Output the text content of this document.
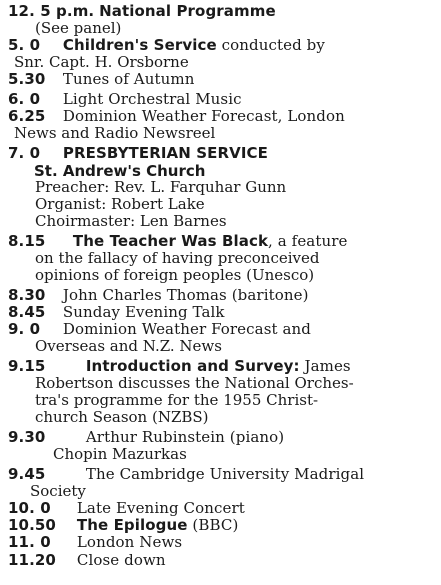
12. 5 p.m. National Programme
(See panel)
5. 0 Children's Service conducted by
Snr. Capt. H. Orsborne
5.30 Tunes of Autumn
6. 0 Light Orchestral Music
6.25 Dominion Weather Forecast, London
News and Radio Newsreel
7. 0 PRESBYTERIAN SERVICE
St. Andrew's Church
Preacher: Rev. L. Farquhar Gunn
Organist: Robert Lake
Choirmaster: Len Barnes
8.15 The Teacher Was Black, a feature
on the fallacy of having preconceived
opinions of foreign peoples (Unesco)
8.30 John Charles Thomas (baritone)
8.45 Sunday Evening Talk
9. 0 Dominion Weather Forecast and
Overseas and N.Z. News
9.15	Introduction and Survey: James
Robertson discusses the National Orches-
tra's programme for the 1955 Christ-
church Season (NZBS)
9.30	Arthur Rubinstein (piano)
Chopin Mazurkas
9.45	The Cambridge University Madrigal
Society
10. 0 Late Evening Concert
10.50 The Epilogue (BBC)
11. 0 London News
11.20 Close down
